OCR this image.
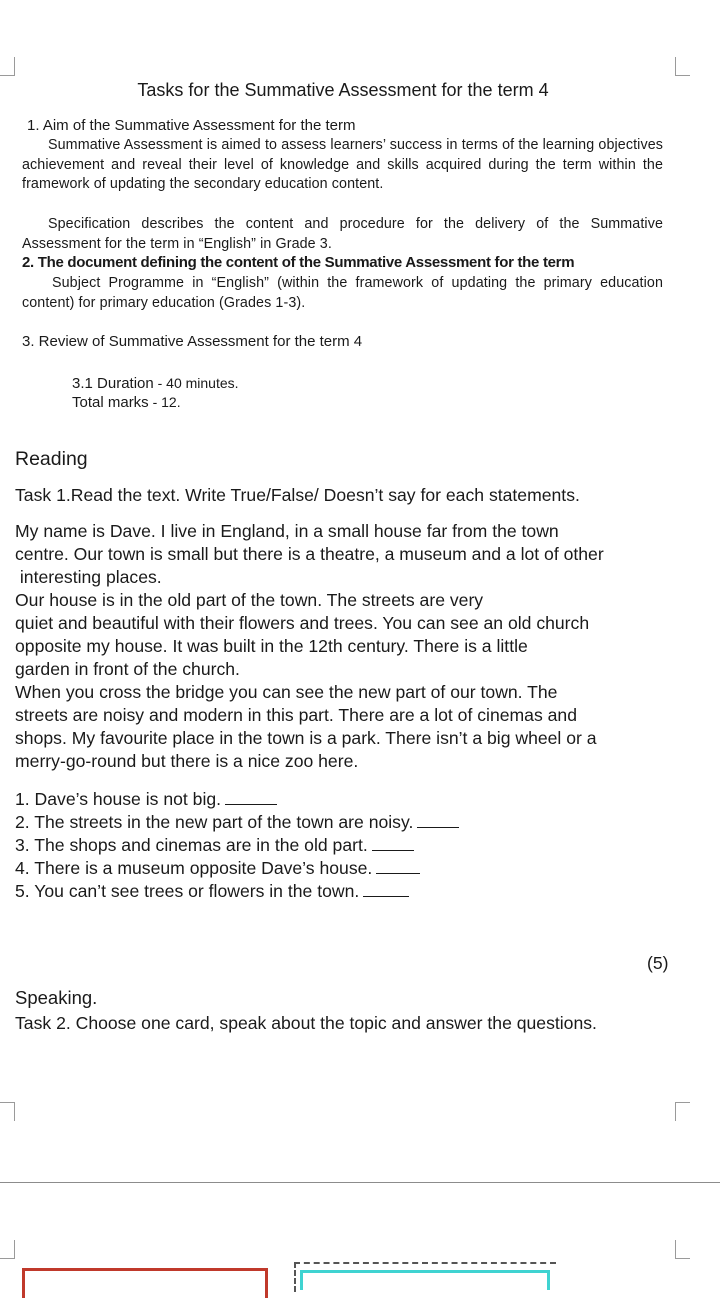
Tasks for the Summative Assessment for the term 4
1. Aim of the Summative Assessment for the term
Summative Assessment is aimed to assess learners’ success in terms of the learning objectives achievement and reveal their level of knowledge and skills acquired during the term within the framework of updating the secondary education content.
Specification describes the content and procedure for the delivery of the Summative Assessment for the term in “English” in Grade 3.
2. The document defining the content of the Summative Assessment for the term
Subject Programme in “English” (within the framework of updating the primary education content) for primary education (Grades 1-3).
3. Review of Summative Assessment for the term 4
3.1 Duration - 40 minutes.
Total marks - 12.
Reading
Task 1.Read the text. Write True/False/ Doesn’t say for each statements.
My name is Dave. I live in England, in a small house far from the town
centre. Our town is small but there is a theatre, a museum and a lot of other
interesting places.
Our house is in the old part of the town. The streets are very
quiet and beautiful with their flowers and trees. You can see an old church
opposite my house. It was built in the 12th century. There is a little
garden in front of the church.
When you cross the bridge you can see the new part of our town. The
streets are noisy and modern in this part. There are a lot of cinemas and
shops. My favourite place in the town is a park. There isn’t a big wheel or a
merry-go-round but there is a nice zoo here.
1. Dave’s house is not big.
2. The streets in the new part of the town are noisy.
3. The shops and cinemas are in the old part.
4. There is a museum opposite Dave’s house.
5. You can’t see trees or flowers in the town.
(5)
Speaking.
Task 2. Choose one card, speak about the topic and answer the questions.
